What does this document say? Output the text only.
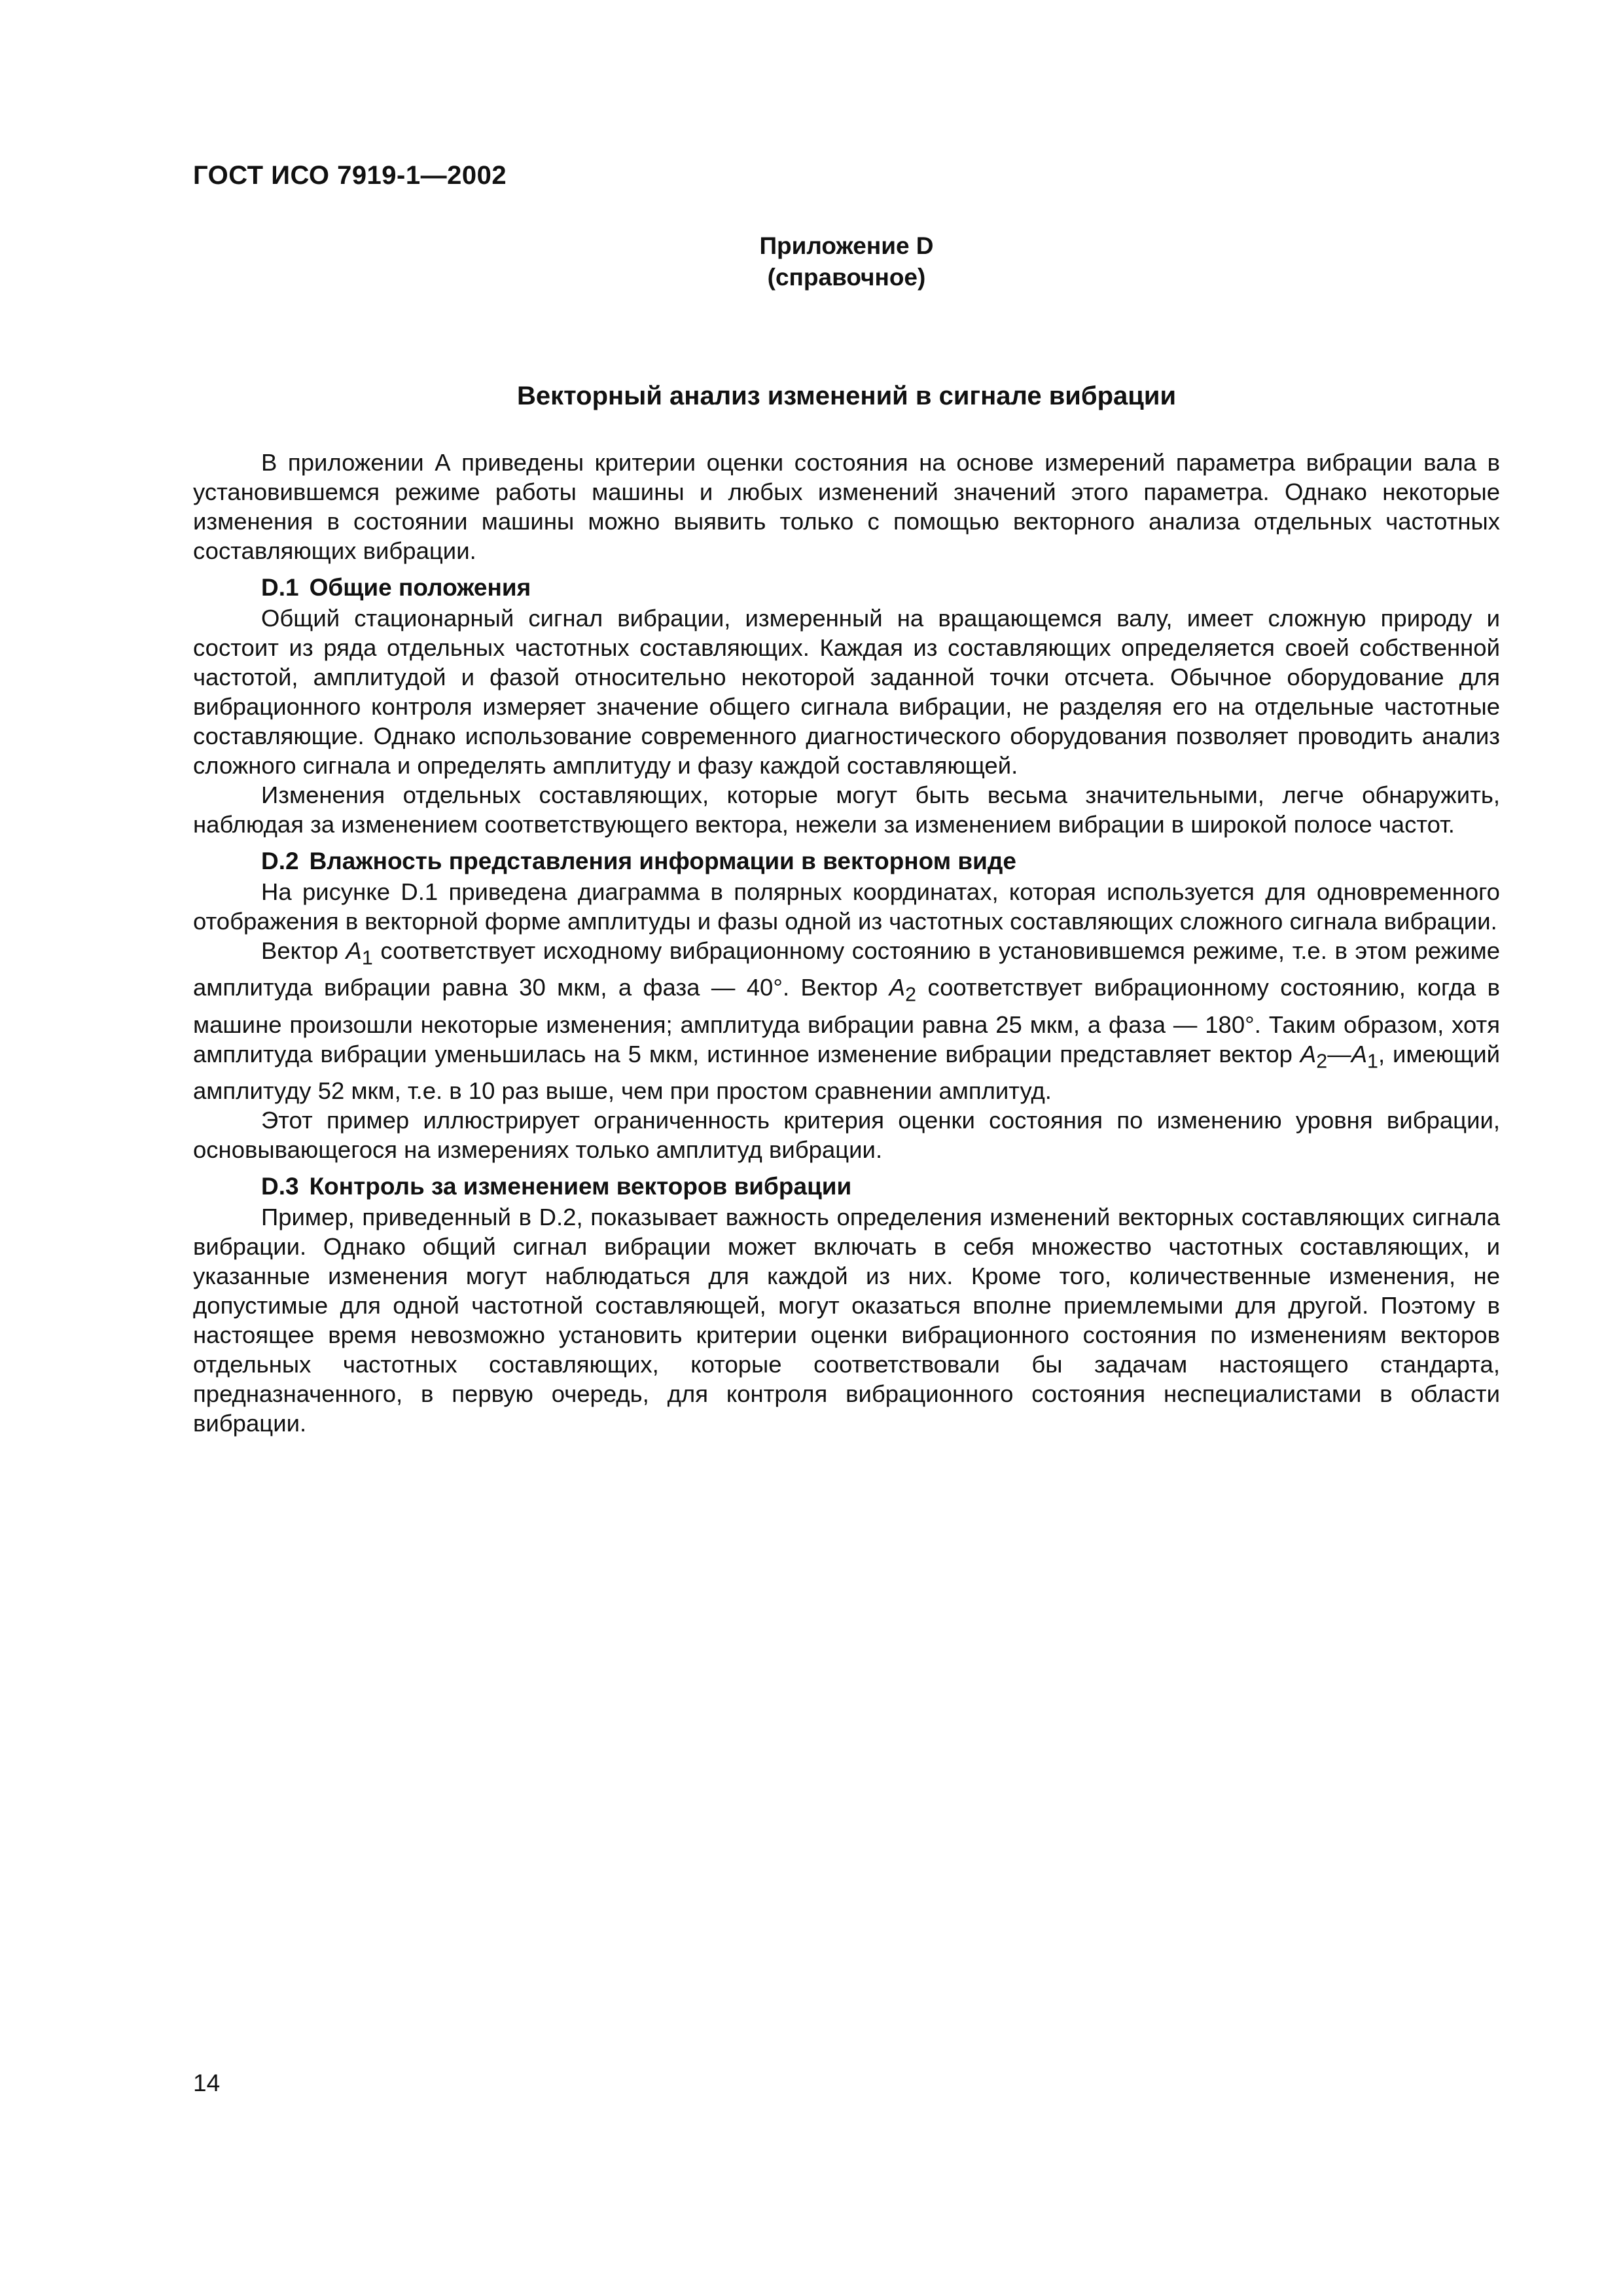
ГОСТ ИСО 7919-1—2002
Приложение D
(справочное)
Векторный анализ изменений в сигнале вибрации

В приложении А приведены критерии оценки состояния на основе измерений параметра вибрации вала в установившемся режиме работы машины и любых изменений значений этого параметра. Однако некоторые изменения в состоянии машины можно выявить только с помощью векторного анализа отдельных частотных составляющих вибрации.

D.1 Общие положения

Общий стационарный сигнал вибрации, измеренный на вращающемся валу, имеет сложную природу и состоит из ряда отдельных частотных составляющих. Каждая из составляющих определяется своей собственной частотой, амплитудой и фазой относительно некоторой заданной точки отсчета. Обычное оборудование для вибрационного контроля измеряет значение общего сигнала вибрации, не разделяя его на отдельные частотные составляющие. Однако использование современного диагностического оборудования позволяет проводить анализ сложного сигнала и определять амплитуду и фазу каждой составляющей.

Изменения отдельных составляющих, которые могут быть весьма значительными, легче обнаружить, наблюдая за изменением соответствующего вектора, нежели за изменением вибрации в широкой полосе частот.

D.2 Влажность представления информации в векторном виде

На рисунке D.1 приведена диаграмма в полярных координатах, которая используется для одновременного отображения в векторной форме амплитуды и фазы одной из частотных составляющих сложного сигнала вибрации.

Вектор $A_1$ соответствует исходному вибрационному состоянию в установившемся режиме, т.е. в этом режиме амплитуда вибрации равна 30 мкм, а фаза — 40°. Вектор $A_2$ соответствует вибрационному состоянию, когда в машине произошли некоторые изменения; амплитуда вибрации равна 25 мкм, а фаза — 180°. Таким образом, хотя амплитуда вибрации уменьшилась на 5 мкм, истинное изменение вибрации представляет вектор $A_2—A_1$, имеющий амплитуду 52 мкм, т.е. в 10 раз выше, чем при простом сравнении амплитуд.

Этот пример иллюстрирует ограниченность критерия оценки состояния по изменению уровня вибрации, основывающегося на измерениях только амплитуд вибрации.

D.3 Контроль за изменением векторов вибрации

Пример, приведенный в D.2, показывает важность определения изменений векторных составляющих сигнала вибрации. Однако общий сигнал вибрации может включать в себя множество частотных составляющих, и указанные изменения могут наблюдаться для каждой из них. Кроме того, количественные изменения, не допустимые для одной частотной составляющей, могут оказаться вполне приемлемыми для другой. Поэтому в настоящее время невозможно установить критерии оценки вибрационного состояния по изменениям векторов отдельных частотных составляющих, которые соответствовали бы задачам настоящего стандарта, предназначенного, в первую очередь, для контроля вибрационного состояния неспециалистами в области вибрации.

14
